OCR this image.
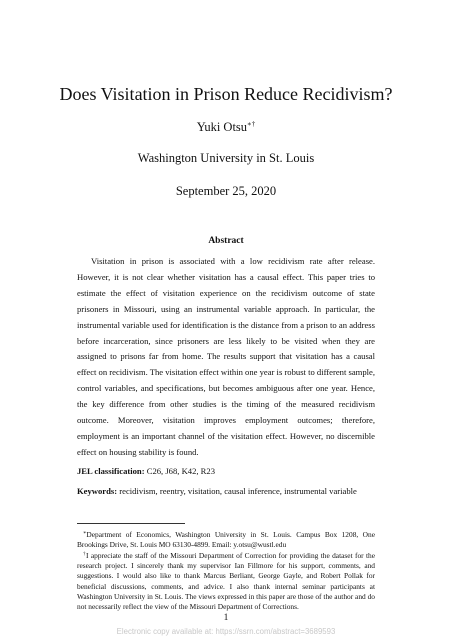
Does Visitation in Prison Reduce Recidivism?
Yuki Otsu∗†
Washington University in St. Louis
September 25, 2020
Abstract
Visitation in prison is associated with a low recidivism rate after release. However, it is not clear whether visitation has a causal effect. This paper tries to estimate the effect of visitation experience on the recidivism outcome of state prisoners in Missouri, using an instrumental variable approach. In particular, the instrumental variable used for identification is the distance from a prison to an address before incarceration, since prisoners are less likely to be visited when they are assigned to prisons far from home. The results support that visitation has a causal effect on recidivism. The visitation effect within one year is robust to different sample, control variables, and specifications, but becomes ambiguous after one year. Hence, the key difference from other studies is the timing of the measured recidivism outcome. Moreover, visitation improves employment outcomes; therefore, employment is an important channel of the visitation effect. However, no discernible effect on housing stability is found.
JEL classification: C26, J68, K42, R23
Keywords: recidivism, reentry, visitation, causal inference, instrumental variable
∗Department of Economics, Washington University in St. Louis. Campus Box 1208, One Brookings Drive, St. Louis MO 63130-4899. Email: y.otsu@wustl.edu
†I appreciate the staff of the Missouri Department of Correction for providing the dataset for the research project. I sincerely thank my supervisor Ian Fillmore for his support, comments, and suggestions. I would also like to thank Marcus Berliant, George Gayle, and Robert Pollak for beneficial discussions, comments, and advice. I also thank internal seminar participants at Washington University in St. Louis. The views expressed in this paper are those of the author and do not necessarily reflect the view of the Missouri Department of Corrections.
1
Electronic copy available at: https://ssrn.com/abstract=3689593
